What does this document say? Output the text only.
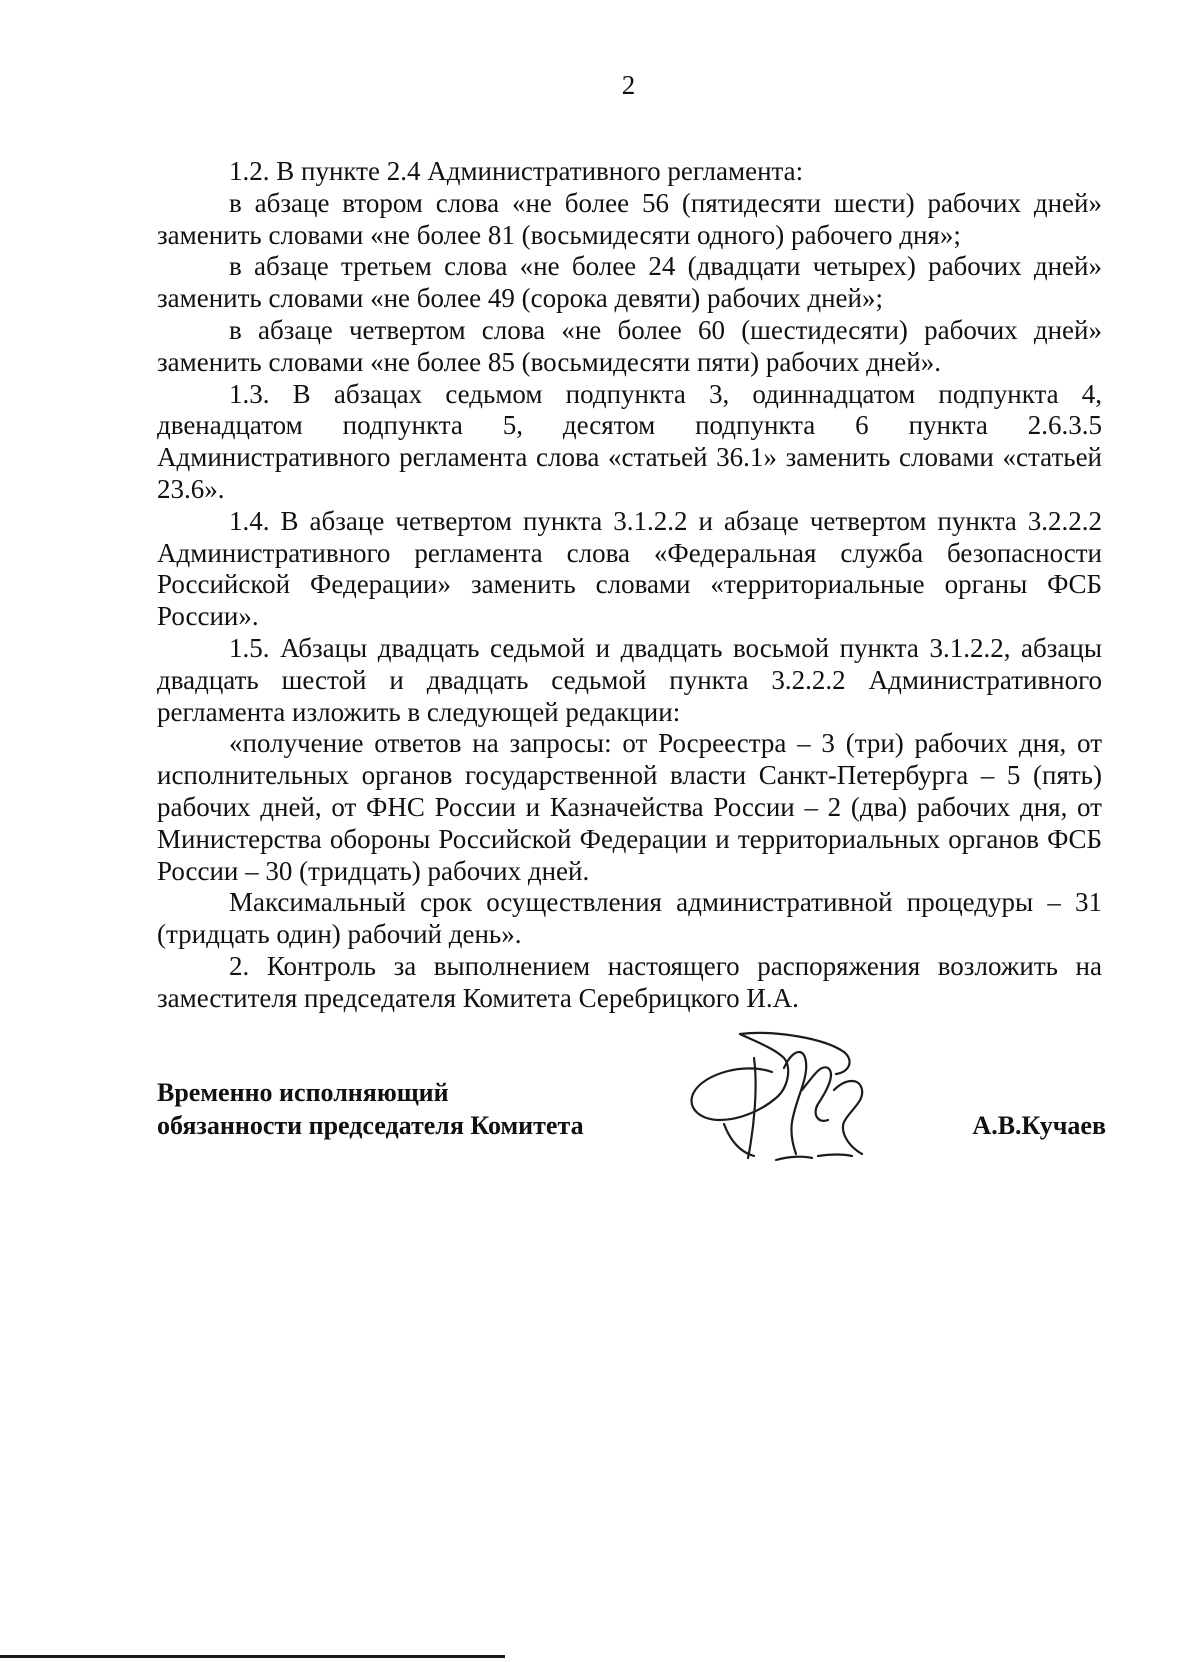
2

1.2. В пункте 2.4 Административного регламента:

в абзаце втором слова «не более 56 (пятидесяти шести) рабочих дней» заменить словами «не более 81 (восьмидесяти одного) рабочего дня»;

в абзаце третьем слова «не более 24 (двадцати четырех) рабочих дней» заменить словами «не более 49 (сорока девяти) рабочих дней»;

в абзаце четвертом слова «не более 60 (шестидесяти) рабочих дней» заменить словами «не более 85 (восьмидесяти пяти) рабочих дней».

1.3. В абзацах седьмом подпункта 3, одиннадцатом подпункта 4, двенадцатом подпункта 5, десятом подпункта 6 пункта 2.6.3.5 Административного регламента слова «статьей 36.1» заменить словами «статьей 23.6».

1.4. В абзаце четвертом пункта 3.1.2.2 и абзаце четвертом пункта 3.2.2.2 Административного регламента слова «Федеральная служба безопасности Российской Федерации» заменить словами «территориальные органы ФСБ России».

1.5. Абзацы двадцать седьмой и двадцать восьмой пункта 3.1.2.2, абзацы двадцать шестой и двадцать седьмой пункта 3.2.2.2 Административного регламента изложить в следующей редакции:

«получение ответов на запросы: от Росреестра – 3 (три) рабочих дня, от исполнительных органов государственной власти Санкт-Петербурга – 5 (пять) рабочих дней, от ФНС России и Казначейства России – 2 (два) рабочих дня, от Министерства обороны Российской Федерации и территориальных органов ФСБ России – 30 (тридцать) рабочих дней.

Максимальный срок осуществления административной процедуры – 31 (тридцать один) рабочий день».

2. Контроль за выполнением настоящего распоряжения возложить на заместителя председателя Комитета Серебрицкого И.А.

Временно исполняющий
обязанности председателя Комитета	А.В.Кучаев
